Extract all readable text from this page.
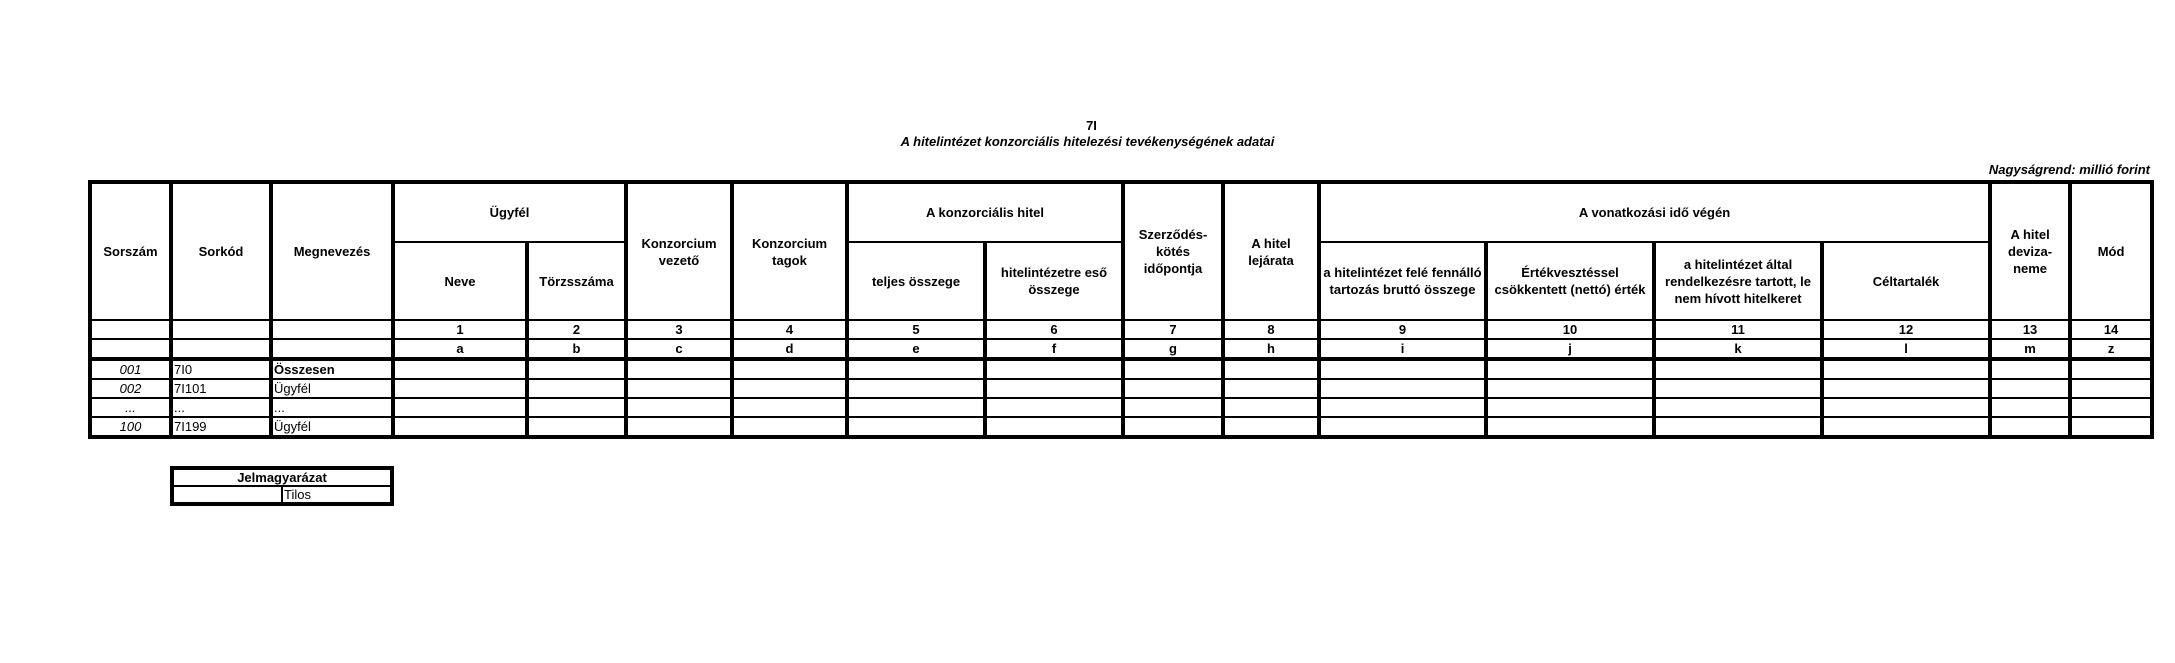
7I
A hitelintézet konzorciális hitelezési tevékenységének adatai
Nagyságrend: millió forint
Sorszám	Sorkód	Megnevezés	Ügyfél		Konzorcium vezető	Konzorcium tagok	A konzorciális hitel		Szerződés-kötés időpontja	A hitel lejárata	A vonatkozási idő végén				A hitel deviza-neme	Mód
			Neve	Törzsszáma			teljes összege	hitelintézetre eső összege			a hitelintézet felé fennálló tartozás bruttó összege	Értékvesztéssel csökkentett (nettó) érték	a hitelintézet által rendelkezésre tartott, le nem hívott hitelkeret	Céltartalék		
			1	2	3	4	5	6	7	8	9	10	11	12	13	14
			a	b	c	d	e	f	g	h	i	j	k	l	m	z
001	7I0	Összesen														
002	7I101	Ügyfél														
...	...	...														
100	7I199	Ügyfél														
Jelmagyarázat
	Tilos
